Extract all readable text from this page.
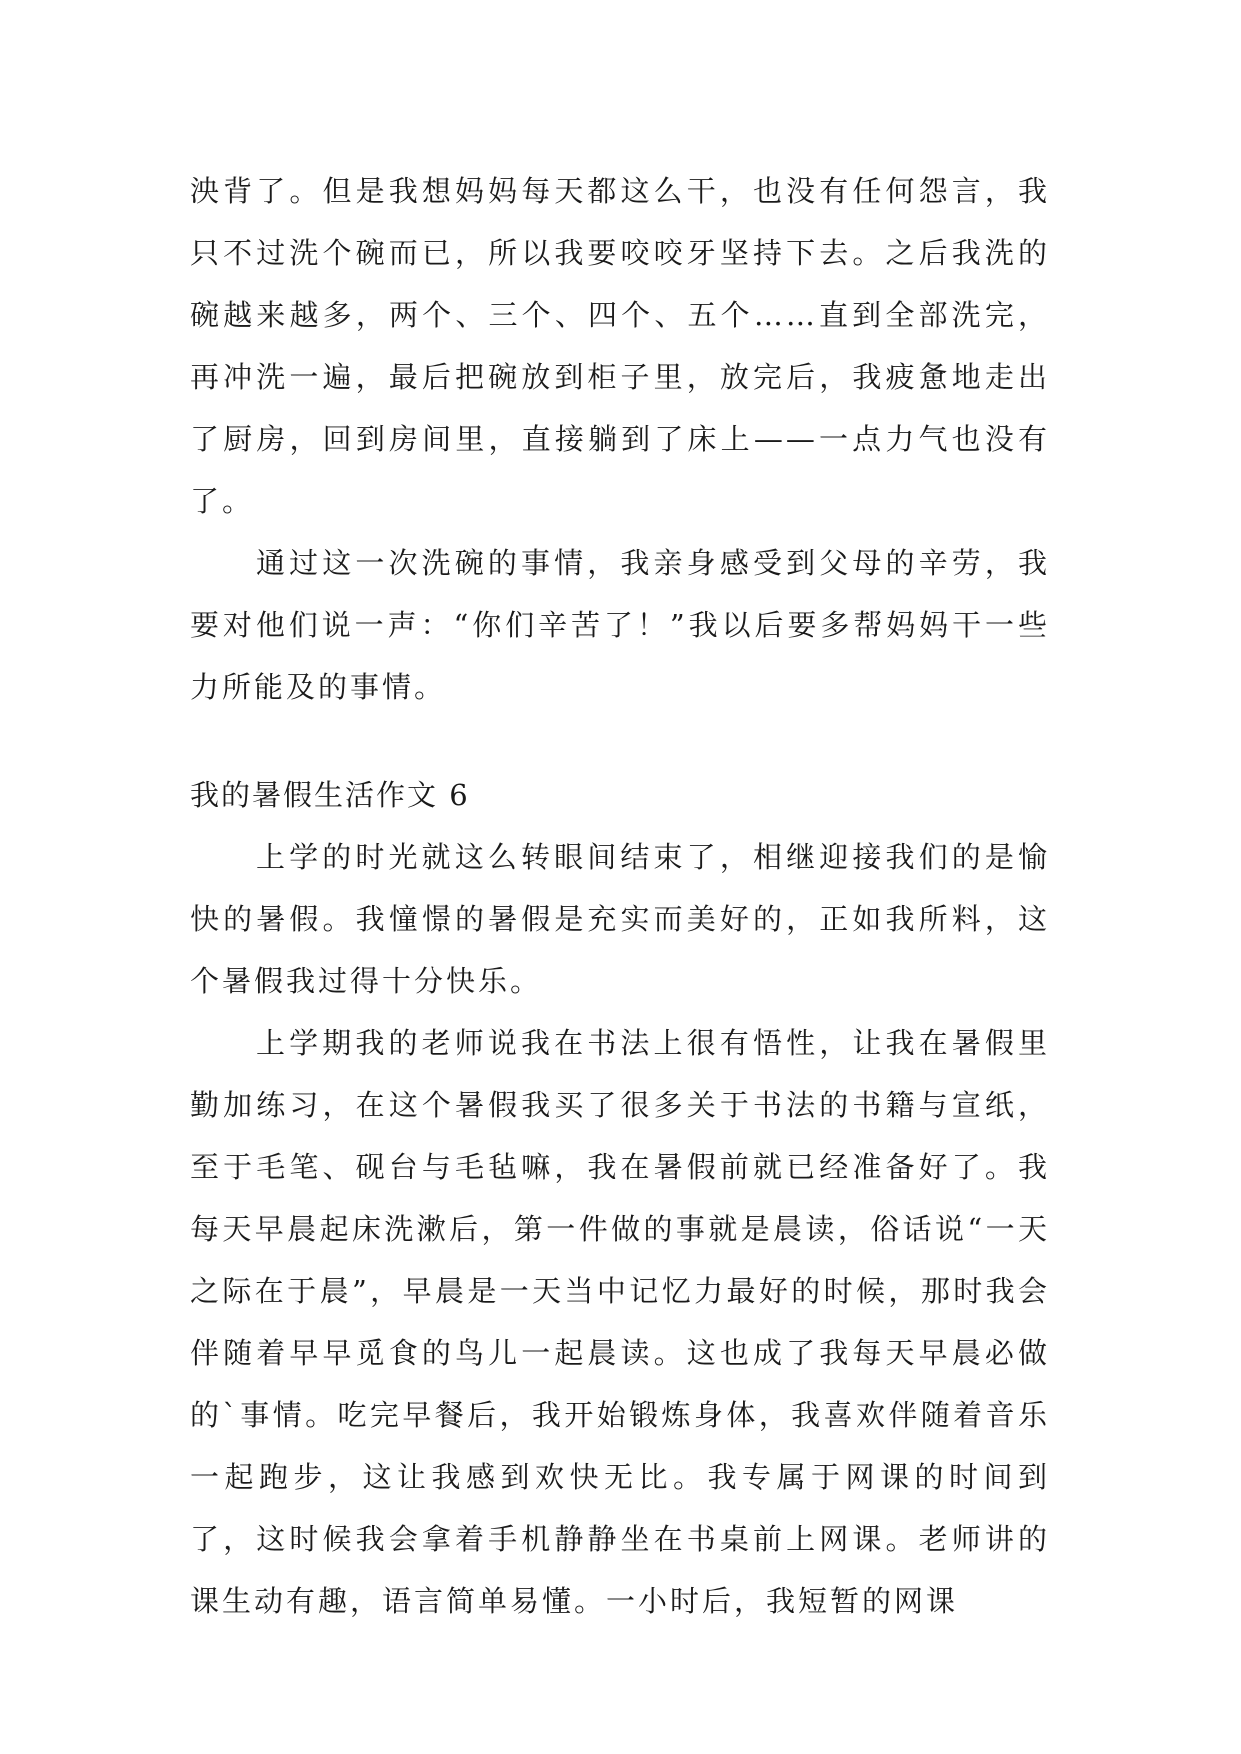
泱背了。但是我想妈妈每天都这么干，也没有任何怨言，我只不过洗个碗而已，所以我要咬咬牙坚持下去。之后我洗的碗越来越多，两个、三个、四个、五个……直到全部洗完，再冲洗一遍，最后把碗放到柜子里，放完后，我疲惫地走出了厨房，回到房间里，直接躺到了床上——一点力气也没有了。

通过这一次洗碗的事情，我亲身感受到父母的辛劳，我要对他们说一声：“你们辛苦了！”我以后要多帮妈妈干一些力所能及的事情。

我的暑假生活作文 6

上学的时光就这么转眼间结束了，相继迎接我们的是愉快的暑假。我憧憬的暑假是充实而美好的，正如我所料，这个暑假我过得十分快乐。

上学期我的老师说我在书法上很有悟性，让我在暑假里勤加练习，在这个暑假我买了很多关于书法的书籍与宣纸，至于毛笔、砚台与毛毡嘛，我在暑假前就已经准备好了。我每天早晨起床洗漱后，第一件做的事就是晨读，俗话说“一天之际在于晨”，早晨是一天当中记忆力最好的时候，那时我会伴随着早早觅食的鸟儿一起晨读。这也成了我每天早晨必做的`事情。吃完早餐后，我开始锻炼身体，我喜欢伴随着音乐一起跑步，这让我感到欢快无比。我专属于网课的时间到了，这时候我会拿着手机静静坐在书桌前上网课。老师讲的课生动有趣，语言简单易懂。一小时后，我短暂的网课
